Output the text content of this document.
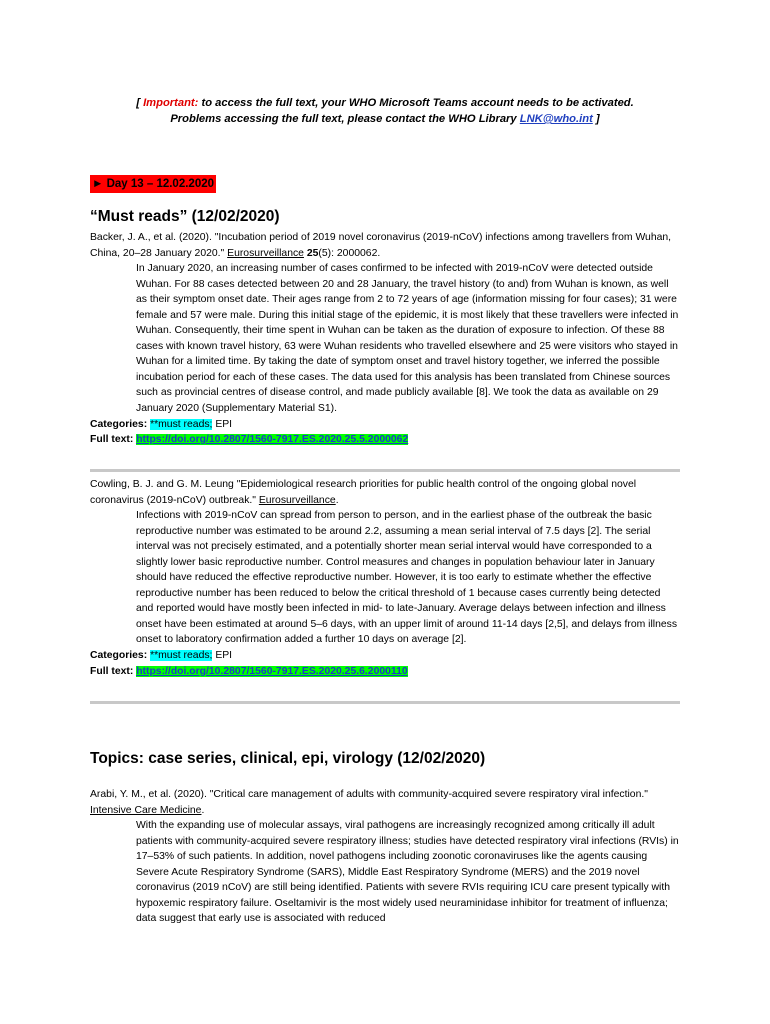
[ Important: to access the full text, your WHO Microsoft Teams account needs to be activated.
Problems accessing the full text, please contact the WHO Library LNK@who.int ]
► Day 13 – 12.02.2020
“Must reads” (12/02/2020)

Backer, J. A., et al. (2020). "Incubation period of 2019 novel coronavirus (2019-nCoV) infections among travellers from Wuhan, China, 20–28 January 2020." Eurosurveillance 25(5): 2000062.

In January 2020, an increasing number of cases confirmed to be infected with 2019-nCoV were detected outside Wuhan. For 88 cases detected between 20 and 28 January, the travel history (to and) from Wuhan is known, as well as their symptom onset date. Their ages range from 2 to 72 years of age (information missing for four cases); 31 were female and 57 were male. During this initial stage of the epidemic, it is most likely that these travellers were infected in Wuhan. Consequently, their time spent in Wuhan can be taken as the duration of exposure to infection. Of these 88 cases with known travel history, 63 were Wuhan residents who travelled elsewhere and 25 were visitors who stayed in Wuhan for a limited time. By taking the date of symptom onset and travel history together, we inferred the possible incubation period for each of these cases. The data used for this analysis has been translated from Chinese sources such as provincial centres of disease control, and made publicly available [8]. We took the data as available on 29 January 2020 (Supplementary Material S1).

Categories: **must reads; EPI

Full text: https://doi.org/10.2807/1560-7917.ES.2020.25.5.2000062

Cowling, B. J. and G. M. Leung "Epidemiological research priorities for public health control of the ongoing global novel coronavirus (2019-nCoV) outbreak." Eurosurveillance.

Infections with 2019-nCoV can spread from person to person, and in the earliest phase of the outbreak the basic reproductive number was estimated to be around 2.2, assuming a mean serial interval of 7.5 days [2]. The serial interval was not precisely estimated, and a potentially shorter mean serial interval would have corresponded to a slightly lower basic reproductive number. Control measures and changes in population behaviour later in January should have reduced the effective reproductive number. However, it is too early to estimate whether the effective reproductive number has been reduced to below the critical threshold of 1 because cases currently being detected and reported would have mostly been infected in mid- to late-January. Average delays between infection and illness onset have been estimated at around 5–6 days, with an upper limit of around 11-14 days [2,5], and delays from illness onset to laboratory confirmation added a further 10 days on average [2].

Categories: **must reads; EPI

Full text: https://doi.org/10.2807/1560-7917.ES.2020.25.6.2000110

Topics: case series, clinical, epi, virology (12/02/2020)

Arabi, Y. M., et al. (2020). "Critical care management of adults with community-acquired severe respiratory viral infection." Intensive Care Medicine.

With the expanding use of molecular assays, viral pathogens are increasingly recognized among critically ill adult patients with community-acquired severe respiratory illness; studies have detected respiratory viral infections (RVIs) in 17–53% of such patients. In addition, novel pathogens including zoonotic coronaviruses like the agents causing Severe Acute Respiratory Syndrome (SARS), Middle East Respiratory Syndrome (MERS) and the 2019 novel coronavirus (2019 nCoV) are still being identified. Patients with severe RVIs requiring ICU care present typically with hypoxemic respiratory failure. Oseltamivir is the most widely used neuraminidase inhibitor for treatment of influenza; data suggest that early use is associated with reduced
